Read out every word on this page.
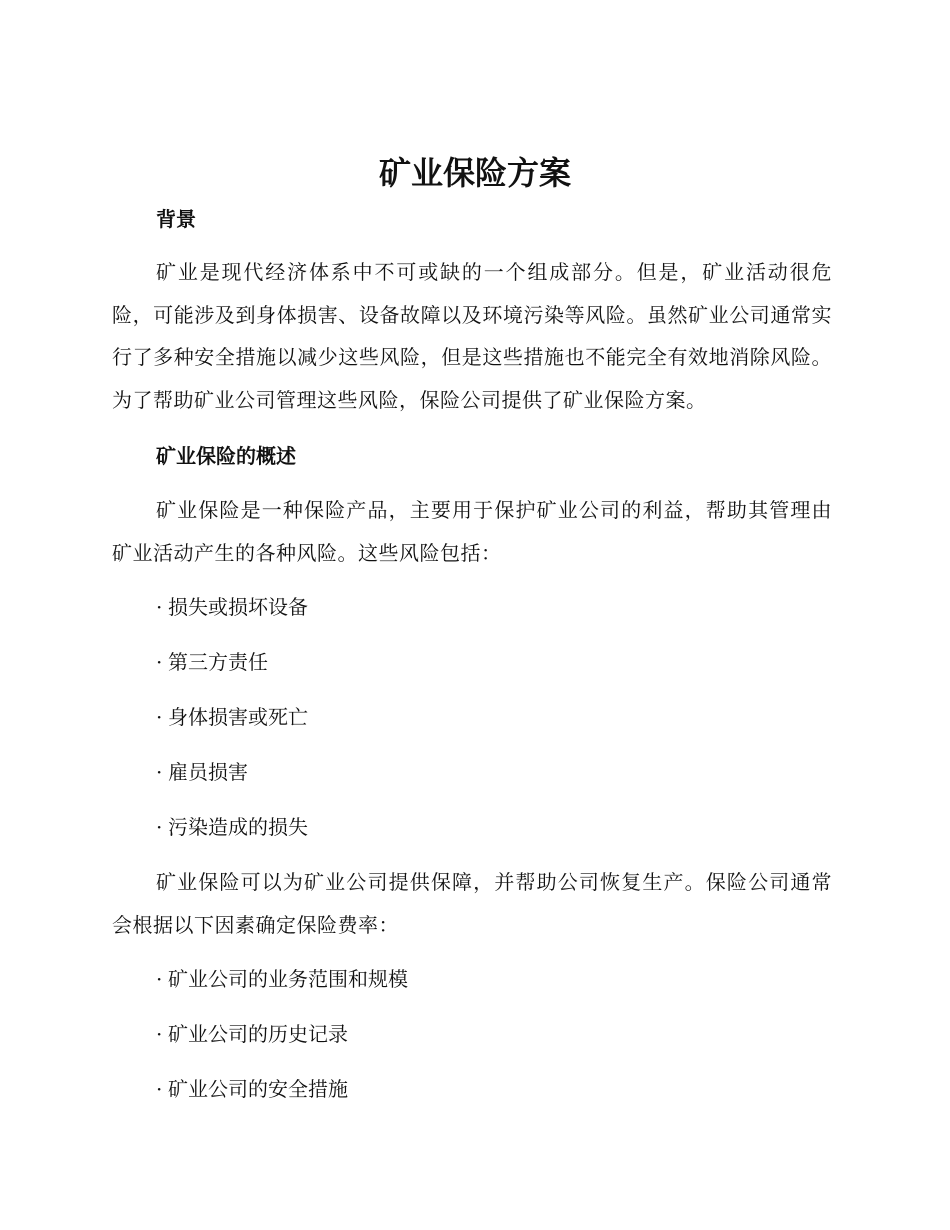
矿业保险方案
背景

矿业是现代经济体系中不可或缺的一个组成部分。但是，矿业活动很危险，可能涉及到身体损害、设备故障以及环境污染等风险。虽然矿业公司通常实行了多种安全措施以减少这些风险，但是这些措施也不能完全有效地消除风险。为了帮助矿业公司管理这些风险，保险公司提供了矿业保险方案。

矿业保险的概述

矿业保险是一种保险产品，主要用于保护矿业公司的利益，帮助其管理由矿业活动产生的各种风险。这些风险包括：

· 损失或损坏设备
· 第三方责任
· 身体损害或死亡
· 雇员损害
· 污染造成的损失

矿业保险可以为矿业公司提供保障，并帮助公司恢复生产。保险公司通常会根据以下因素确定保险费率：

· 矿业公司的业务范围和规模
· 矿业公司的历史记录
· 矿业公司的安全措施
